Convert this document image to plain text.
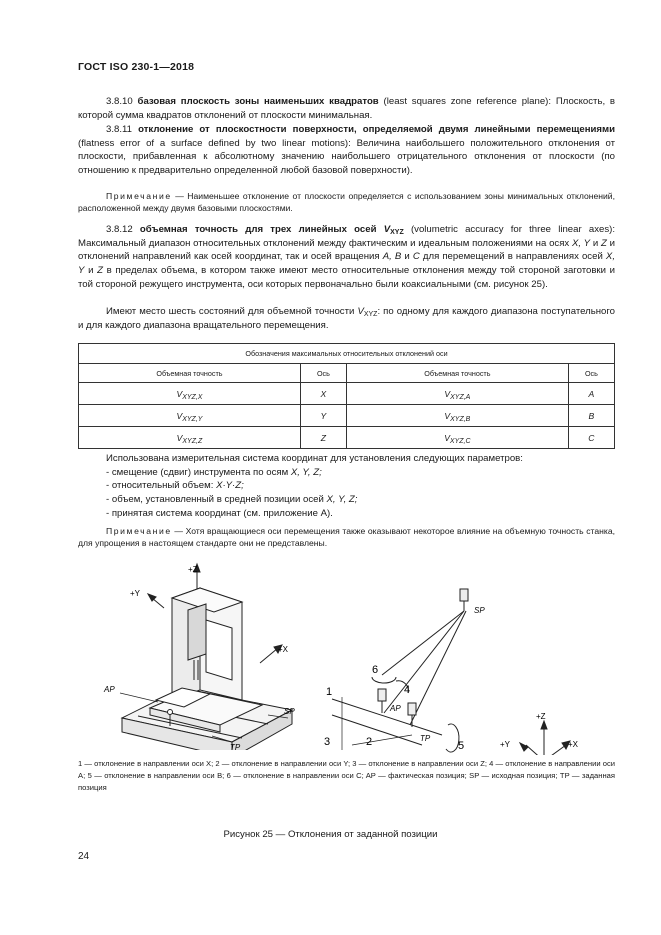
ГОСТ ISO 230-1—2018
3.8.10 базовая плоскость зоны наименьших квадратов (least squares zone reference plane): Плоскость, в которой сумма квадратов отклонений от плоскости минимальная.
3.8.11 отклонение от плоскостности поверхности, определяемой двумя линейными перемещениями (flatness error of a surface defined by two linear motions): Величина наибольшего положительного отклонения от плоскости, прибавленная к абсолютному значению наибольшего отрицательного отклонения от плоскости (по отношению к предварительно определенной любой базовой поверхности).
Примечание — Наименьшее отклонение от плоскости определяется с использованием зоны минимальных отклонений, расположенной между двумя базовыми плоскостями.
3.8.12 объемная точность для трех линейных осей $V_{XYZ}$ (volumetric accuracy for three linear axes): Максимальный диапазон относительных отклонений между фактическим и идеальным положениями на осях X, Y и Z и отклонений направлений как осей координат, так и осей вращения A, B и C для перемещений в направлениях осей X, Y и Z в пределах объема, в котором также имеют место относительные отклонения между той стороной заготовки и той стороной режущего инструмента, оси которых первоначально были коаксиальными (см. рисунок 25).
Имеют место шесть состояний для объемной точности $V_{XYZ}$: по одному для каждого диапазона поступательного и для каждого диапазона вращательного перемещения.
Обозначения максимальных относительных отклонений оси			
Объемная точность	Ось	Объемная точность	Ось
$V_{XYZ,X}$	X	$V_{XYZ,A}$	A
$V_{XYZ,Y}$	Y	$V_{XYZ,B}$	B
$V_{XYZ,Z}$	Z	$V_{XYZ,C}$	C
Использована измерительная система координат для установления следующих параметров:
- смещение (сдвиг) инструмента по осям X, Y, Z;
- относительный объем: X·Y·Z;
- объем, установленный в средней позиции осей X, Y, Z;
- принятая система координат (см. приложение А).
Примечание — Хотя вращающиеся оси перемещения также оказывают некоторое влияние на объемную точность станка, для упрощения в настоящем стандарте они не представлены.
+Z
+Y
+X
AP
SP
TP
SP
AP
TP
1
2
3
4
5
6
+Z
+Y	+X
1 — отклонение в направлении оси X; 2 — отклонение в направлении оси Y; 3 — отклонение в направлении оси Z; 4 — отклонение в направлении оси A; 5 — отклонение в направлении оси B; 6 — отклонение в направлении оси C; AP — фактическая позиция; SP — исходная позиция; TP — заданная позиция
Рисунок 25 — Отклонения от заданной позиции
24
